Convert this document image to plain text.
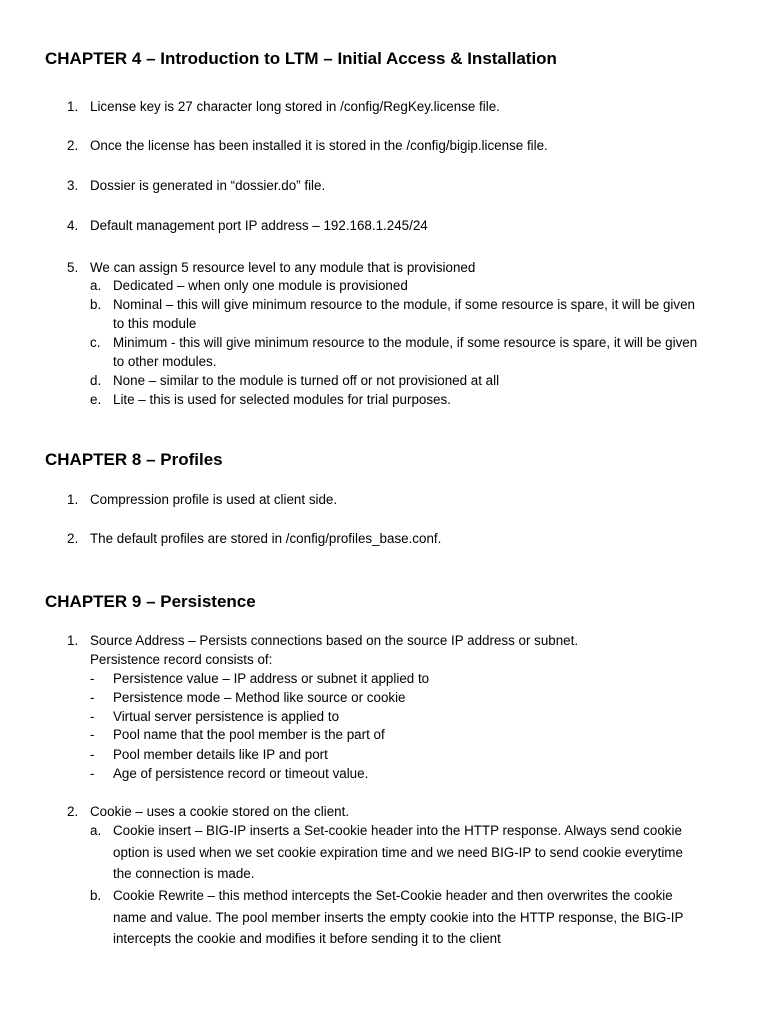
CHAPTER 4 – Introduction to LTM – Initial Access & Installation
1. License key is 27 character long stored in /config/RegKey.license file.
2. Once the license has been installed it is stored in the /config/bigip.license file.
3. Dossier is generated in “dossier.do” file.
4. Default management port IP address – 192.168.1.245/24
5. We can assign 5 resource level to any module that is provisioned
a. Dedicated – when only one module is provisioned
b. Nominal – this will give minimum resource to the module, if some resource is spare, it will be given
to this module
c. Minimum - this will give minimum resource to the module, if some resource is spare, it will be given
to other modules.
d. None – similar to the module is turned off or not provisioned at all
e. Lite – this is used for selected modules for trial purposes.
CHAPTER 8 – Profiles
1. Compression profile is used at client side.
2. The default profiles are stored in /config/profiles_base.conf.
CHAPTER 9 – Persistence
1. Source Address – Persists connections based on the source IP address or subnet.
Persistence record consists of:
- Persistence value – IP address or subnet it applied to
- Persistence mode – Method like source or cookie
- Virtual server persistence is applied to
- Pool name that the pool member is the part of
- Pool member details like IP and port
- Age of persistence record or timeout value.
2. Cookie – uses a cookie stored on the client.
a. Cookie insert – BIG-IP inserts a Set-cookie header into the HTTP response. Always send cookie
option is used when we set cookie expiration time and we need BIG-IP to send cookie everytime
the connection is made.
b. Cookie Rewrite – this method intercepts the Set-Cookie header and then overwrites the cookie
name and value. The pool member inserts the empty cookie into the HTTP response, the BIG-IP
intercepts the cookie and modifies it before sending it to the client
